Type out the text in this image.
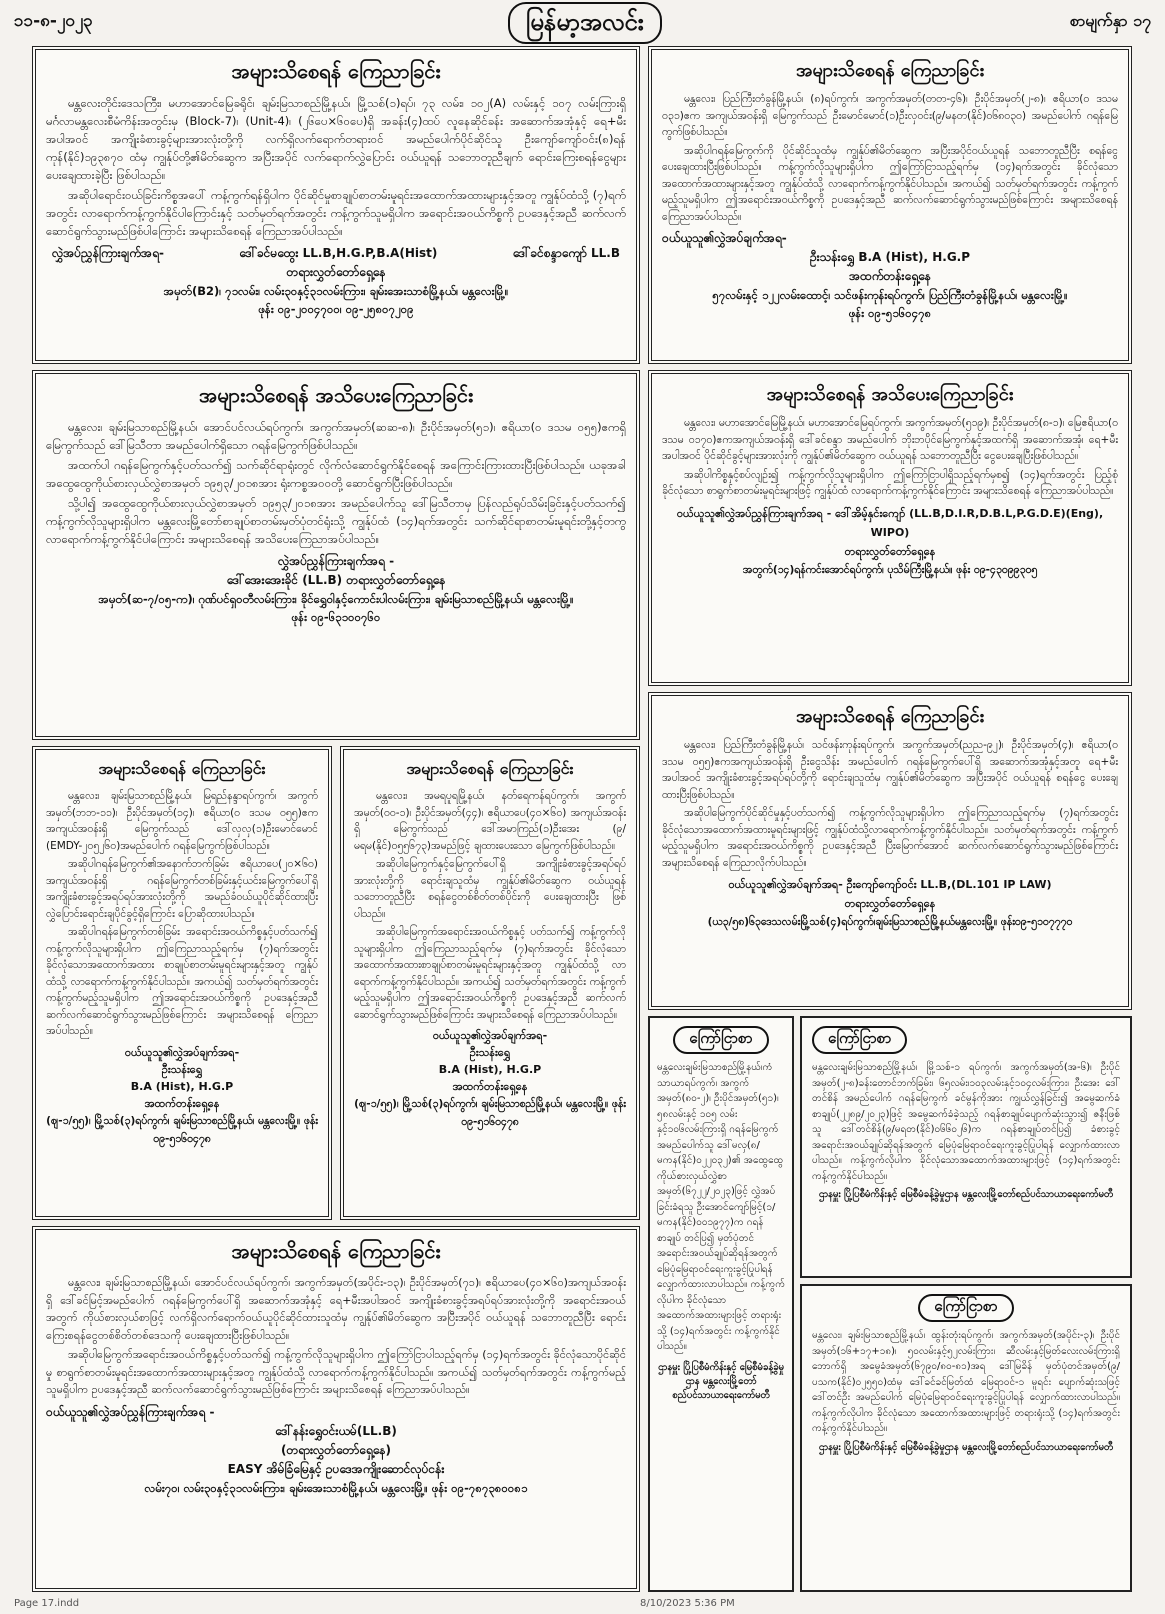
၁၁-၈-၂၀၂၃	မြန်မာ့အလင်း	စာမျက်နှာ ၁၇
အများသိစေရန် ကြေညာခြင်း

မန္တလေးတိုင်းဒေသကြီး၊ မဟာအောင်မြေခရိုင်၊ ချမ်းမြသာစည်မြို့နယ်၊ မြို့သစ်(၁)ရပ်၊ ၇၃ လမ်း၊ ၁၀၂(A) လမ်းနှင့် ၁၀၇ လမ်းကြားရှိ မင်္ဂလာမန္တလေးစီမံကိန်းအတွင်းမှ (Block-7)၊ (Unit-4)၊ (၂၆ပေ×၆၀ပေ)ရှိ အခန်း(၄)ထပ် လူနေဆိုင်ခန်း အဆောက်အအုံနှင့် ရေ+မီးအပါအဝင် အကျိုးခံစားခွင့်များအားလုံးတို့ကို လက်ရှိလက်ရောက်တရားဝင် အမည်ပေါက်ပိုင်ဆိုင်သူ ဦးကျော်ကျော်ဝင်း(၈)ရန်ကုန်(နိုင်)၁၉၃၈၇၀ ထံမှ ကျွန်ုပ်တို့၏မိတ်ဆွေက အပြီးအပိုင် လက်ရောက်လွှဲပြောင်း ဝယ်ယူရန် သဘောတူညီချက် ရောင်းကြေးစရန်ငွေများ ပေးချေထားခဲ့ပြီး ဖြစ်ပါသည်။

အဆိုပါရောင်းဝယ်ခြင်းကိစ္စအပေါ် ကန့်ကွက်ရန်ရှိပါက ပိုင်ဆိုင်မှုစာချုပ်စာတမ်းမူရင်းအထောက်အထားများနှင့်အတူ ကျွန်ုပ်ထံသို့ (၇)ရက်အတွင်း လာရောက်ကန့်ကွက်နိုင်ပါကြောင်းနှင့် သတ်မှတ်ရက်အတွင်း ကန့်ကွက်သူမရှိပါက အရောင်းအဝယ်ကိစ္စကို ဥပဒေနှင့်အညီ ဆက်လက်ဆောင်ရွက်သွားမည်ဖြစ်ပါကြောင်း အများသိစေရန် ကြေညာအပ်ပါသည်။

လွှဲအပ်ညွှန်ကြားချက်အရ-	ဒေါ်ခင်မထွေး LL.B,H.G.P,B.A(Hist)	ဒေါ်ခင်စန္ဒာကျော် LL.B
တရားလွှတ်တော်ရှေ့နေ
အမှတ်(B2)၊ ၇၁လမ်း၊ လမ်း၃၀နှင့်၃၁လမ်းကြား၊ ချမ်းအေးသာစံမြို့နယ်၊ မန္တလေးမြို့။
ဖုန်း ၀၉-၂၀၀၄၇၀၀၊ ၀၉-၂၅၈၀၇၂၀၉
အများသိစေရန် ကြေညာခြင်း

မန္တလေး၊ ပြည်ကြီးတံခွန်မြို့နယ်၊ (၈)ရပ်ကွက်၊ အကွက်အမှတ်(တတ-၄၆)၊ ဦးပိုင်အမှတ်(၂-၈)၊ ဧရိယာ(၀ ဒသမ ၀၃၁)ဧက အကျယ်အဝန်းရှိ မြေကွက်သည် ဦးမောင်မောင်(၁)ဦးလှဝင်း(၉/မနတ(နိုင်)၀၆၈၀၃၀) အမည်ပေါက် ဂရန်မြေကွက်ဖြစ်ပါသည်။

အဆိုပါဂရန်မြေကွက်ကို ပိုင်ဆိုင်သူထံမှ ကျွန်ုပ်၏မိတ်ဆွေက အပြီးအပိုင်ဝယ်ယူရန် သဘောတူညီပြီး စရန်ငွေ ပေးချေထားပြီးဖြစ်ပါသည်။ ကန့်ကွက်လိုသူများရှိပါက ဤကြော်ငြာသည့်ရက်မှ (၁၄)ရက်အတွင်း ခိုင်လုံသောအထောက်အထားများနှင့်အတူ ကျွန်ုပ်ထံသို့ လာရောက်ကန့်ကွက်နိုင်ပါသည်။ အကယ်၍ သတ်မှတ်ရက်အတွင်း ကန့်ကွက်မည့်သူမရှိပါက ဤအရောင်းအဝယ်ကိစ္စကို ဥပဒေနှင့်အညီ ဆက်လက်ဆောင်ရွက်သွားမည်ဖြစ်ကြောင်း အများသိစေရန် ကြေညာအပ်ပါသည်။

ဝယ်ယူသူ၏လွှဲအပ်ချက်အရ-
ဦးသန်းရွှေ B.A (Hist), H.G.P
အထက်တန်းရှေ့နေ
၅၇လမ်းနှင့် ၁၂၂လမ်းထောင့်၊ သင်ဖန်းကုန်းရပ်ကွက်၊ ပြည်ကြီးတံခွန်မြို့နယ်၊ မန္တလေးမြို့။
ဖုန်း ၀၉-၅၁၆၀၄၇၈
အများသိစေရန် အသိပေးကြေညာခြင်း

မန္တလေး၊ ချမ်းမြသာစည်မြို့နယ်၊ အောင်ပင်လယ်ရပ်ကွက်၊ အကွက်အမှတ်(ဆဆ-၈)၊ ဦးပိုင်အမှတ်(၅၁)၊ ဧရိယာ(၀ ဒသမ ၀၅၅)ဧကရှိ မြေကွက်သည် ဒေါ်မြသီတာ အမည်ပေါက်ရှိသော ဂရန်မြေကွက်ဖြစ်ပါသည်။

အထက်ပါ ဂရန်မြေကွက်နှင့်ပတ်သက်၍ သက်ဆိုင်ရာရုံးတွင် လိုက်လံဆောင်ရွက်နိုင်စေရန် အကြောင်းကြားထားပြီးဖြစ်ပါသည်။ ယခုအခါ အထွေထွေကိုယ်စားလှယ်လွှဲစာအမှတ် ၁၉၅၃/၂၀၁၈အား ရုံးကစ္စအဝဝတို့ ဆောင်ရွက်ပြီးဖြစ်ပါသည်။

သို့ပါ၍ အထွေထွေကိုယ်စားလှယ်လွှဲစာအမှတ် ၁၉၅၃/၂၀၁၈အား အမည်ပေါက်သူ ဒေါ်မြသီတာမှ ပြန်လည်ရုပ်သိမ်းခြင်းနှင့်ပတ်သက်၍ ကန့်ကွက်လိုသူများရှိပါက မန္တလေးမြို့တော်စာချုပ်စာတမ်းမှတ်ပုံတင်ရုံးသို့ ကျွန်ုပ်ထံ (၁၄)ရက်အတွင်း သက်ဆိုင်ရာစာတမ်းမူရင်းတို့နှင့်တကွ လာရောက်ကန့်ကွက်နိုင်ပါကြောင်း အများသိစေရန် အသိပေးကြေညာအပ်ပါသည်။

လွှဲအပ်ညွှန်ကြားချက်အရ -
ဒေါ်အေးအေးခိုင် (LL.B) တရားလွှတ်တော်ရှေ့နေ
အမှတ်(ဆ-၇/၀၅-က)၊ ဂုဏ်ပင်ရှဝတီလမ်းကြား၊ ခိုင်ရွှေဝါနှင့်ကောင်းပါလမ်းကြား၊ ချမ်းမြသာစည်မြို့နယ်၊ မန္တလေးမြို့။
ဖုန်း ၀၉-၆၃၁၀၀၇၆၀
အများသိစေရန် အသိပေးကြေညာခြင်း

မန္တလေး၊ မဟာအောင်မြေမြို့နယ်၊ မဟာအောင်မြေရပ်ကွက်၊ အကွက်အမှတ်(၅၁၉)၊ ဦးပိုင်အမှတ်(၈-၁)၊ မြေဧရိယာ(၀ ဒသမ ၀၁၇၀)ဧကအကျယ်အဝန်းရှိ ဒေါ်ခင်စန္ဒာ အမည်ပေါက် ဘိုးဘပိုင်မြေကွက်နှင့်အထက်ရှိ အဆောက်အအုံ၊ ရေ+မီး အပါအဝင် ပိုင်ဆိုင်ခွင့်များအားလုံးကို ကျွန်ုပ်၏မိတ်ဆွေက ဝယ်ယူရန် သဘောတူညီပြီး ငွေပေးချေပြီးဖြစ်ပါသည်။

အဆိုပါကိစ္စနှင့်စပ်လျဉ်း၍ ကန့်ကွက်လိုသူများရှိပါက ဤကြော်ငြာပါရှိသည့်ရက်မှစ၍ (၁၄)ရက်အတွင်း ပြည့်စုံခိုင်လုံသော စာရွက်စာတမ်းမူရင်းများဖြင့် ကျွန်ုပ်ထံ လာရောက်ကန့်ကွက်နိုင်ကြောင်း အများသိစေရန် ကြေညာအပ်ပါသည်။

ဝယ်ယူသူ၏လွှဲအပ်ညွှန်ကြားချက်အရ - ဒေါ်အိမ့်နှင်းကျော် (LL.B,D.I.R,D.B.L,P.G.D.E)(Eng), WIPO)
တရားလွှတ်တော်ရှေ့နေ
အတွက်(၁၄)ရန်ကင်းအောင်ရပ်ကွက်၊ ပုသိမ်ကြီးမြို့နယ်။ ဖုန်း ၀၉-၄၃၀၉၉၃၀၅
အများသိစေရန် ကြေညာခြင်း

မန္တလေး၊ ပြည်ကြီးတံခွန်မြို့နယ်၊ သင်ဖန်းကုန်းရပ်ကွက်၊ အကွက်အမှတ်(ညည-၉၂)၊ ဦးပိုင်အမှတ်(၄)၊ ဧရိယာ(၀ ဒသမ ၀၅၅)ဧကအကျယ်အဝန်းရှိ ဦးငွေသိန်း အမည်ပေါက် ဂရန်မြေကွက်ပေါ်ရှိ အဆောက်အအုံနှင့်အတူ ရေ+မီးအပါအဝင် အကျိုးခံစားခွင့်အရပ်ရပ်တို့ကို ရောင်းချသူထံမှ ကျွန်ုပ်၏မိတ်ဆွေက အပြီးအပိုင် ဝယ်ယူရန် စရန်ငွေ ပေးချေထားပြီးဖြစ်ပါသည်။

အဆိုပါမြေကွက်ပိုင်ဆိုင်မှုနှင့်ပတ်သက်၍ ကန့်ကွက်လိုသူများရှိပါက ဤကြေညာသည့်ရက်မှ (၇)ရက်အတွင်း ခိုင်လုံသောအထောက်အထားမူရင်းများဖြင့် ကျွန်ုပ်ထံသို့လာရောက်ကန့်ကွက်နိုင်ပါသည်။ သတ်မှတ်ရက်အတွင်း ကန့်ကွက်မည့်သူမရှိပါက အရောင်းအဝယ်ကိစ္စကို ဥပဒေနှင့်အညီ ပြီးမြောက်အောင် ဆက်လက်ဆောင်ရွက်သွားမည်ဖြစ်ကြောင်း အများသိစေရန် ကြေညာလိုက်ပါသည်။

ဝယ်ယူသူ၏လွှဲအပ်ချက်အရ- ဦးကျော်ကျော်ဝင်း LL.B,(DL.101 IP LAW)
တရားလွှတ်တော်ရှေ့နေ
(ယ၃/၅၈)၆၃ဒေသလမ်းမြို့သစ်(၄)ရပ်ကွက်၊ချမ်းမြသာစည်မြို့နယ်မန္တလေးမြို့။ ဖုန်း၀၉-၅၁၀၇၇၇၀
အများသိစေရန် ကြေညာခြင်း

မန္တလေး၊ ချမ်းမြသာစည်မြို့နယ်၊ မြရည်နန္ဒာရပ်ကွက်၊ အကွက်အမှတ်(ဘဘ-၁၁)၊ ဦးပိုင်အမှတ်(၁၄)၊ ဧရိယာ(၀ ဒသမ ၀၅၅)ဧက အကျယ်အဝန်းရှိ မြေကွက်သည် ဒေါ်လှလှ(၁)ဦးမောင်မောင် (EMDY-၂၀၅၂၆၀)အမည်ပေါက် ဂရန်မြေကွက်ဖြစ်ပါသည်။

အဆိုပါဂရန်မြေကွက်၏အနောက်ဘက်ခြမ်း ဧရိယာပေ(၂၀×၆၀) အကျယ်အဝန်းရှိ ဂရန်မြေကွက်တစ်ခြမ်းနှင့်ယင်းမြေကွက်ပေါ်ရှိ အကျိုးခံစားခွင့်အရပ်ရပ်အားလုံးတို့ကို အမည်ခံဝယ်ယူပိုင်ဆိုင်ထားပြီး လွှဲပြောင်းရောင်းချပိုင်ခွင့်ရှိကြောင်း ပြောဆိုထားပါသည်။

အဆိုပါဂရန်မြေကွက်တစ်ခြမ်း အရောင်းအဝယ်ကိစ္စနှင့်ပတ်သက်၍ ကန့်ကွက်လိုသူများရှိပါက ဤကြေညာသည့်ရက်မှ (၇)ရက်အတွင်း ခိုင်လုံသောအထောက်အထား စာချုပ်စာတမ်းမူရင်းများနှင့်အတူ ကျွန်ုပ်ထံသို့ လာရောက်ကန့်ကွက်နိုင်ပါသည်။ အကယ်၍ သတ်မှတ်ရက်အတွင်း ကန့်ကွက်မည့်သူမရှိပါက ဤအရောင်းအဝယ်ကိစ္စကို ဥပဒေနှင့်အညီ ဆက်လက်ဆောင်ရွက်သွားမည်ဖြစ်ကြောင်း အများသိစေရန် ကြေညာအပ်ပါသည်။

ဝယ်ယူသူ၏လွှဲအပ်ချက်အရ-
ဦးသန်းရွှေ
B.A (Hist), H.G.P
အထက်တန်းရှေ့နေ
(ဈ-၁/၅၅)၊ မြို့သစ်(၃)ရပ်ကွက်၊ ချမ်းမြသာစည်မြို့နယ်၊ မန္တလေးမြို့။ ဖုန်း ၀၉-၅၁၆၀၄၇၈
အများသိစေရန် ကြေညာခြင်း

မန္တလေး၊ အမရပူရမြို့နယ်၊ နတ်ရေကန်ရပ်ကွက်၊ အကွက်အမှတ်(၀၀-၁)၊ ဦးပိုင်အမှတ်(၄၄)၊ ဧရိယာပေ(၄၀×၆၀) အကျယ်အဝန်းရှိ မြေကွက်သည် ဒေါ်အမာကြည်(၁)ဦးအေး (၉/မရမ(နိုင်)၀၅၅၆၇၃)အမည်ဖြင့် ချထားပေးသော မြေကွက်ဖြစ်ပါသည်။

အဆိုပါမြေကွက်နှင့်မြေကွက်ပေါ်ရှိ အကျိုးခံစားခွင့်အရပ်ရပ်အားလုံးတို့ကို ရောင်းချသူထံမှ ကျွန်ုပ်၏မိတ်ဆွေက ဝယ်ယူရန် သဘောတူညီပြီး စရန်ငွေတစ်စိတ်တစ်ပိုင်းကို ပေးချေထားပြီး ဖြစ်ပါသည်။

အဆိုပါမြေကွက်အရောင်းအဝယ်ကိစ္စနှင့် ပတ်သက်၍ ကန့်ကွက်လိုသူများရှိပါက ဤကြေညာသည့်ရက်မှ (၇)ရက်အတွင်း ခိုင်လုံသော အထောက်အထားစာချုပ်စာတမ်းမူရင်းများနှင့်အတူ ကျွန်ုပ်ထံသို့ လာရောက်ကန့်ကွက်နိုင်ပါသည်။ အကယ်၍ သတ်မှတ်ရက်အတွင်း ကန့်ကွက်မည့်သူမရှိပါက ဤအရောင်းအဝယ်ကိစ္စကို ဥပဒေနှင့်အညီ ဆက်လက်ဆောင်ရွက်သွားမည်ဖြစ်ကြောင်း အများသိစေရန် ကြေညာအပ်ပါသည်။

ဝယ်ယူသူ၏လွှဲအပ်ချက်အရ-
ဦးသန်းရွှေ
B.A (Hist), H.G.P
အထက်တန်းရှေ့နေ
(ဈ-၁/၅၅)၊ မြို့သစ်(၃)ရပ်ကွက်၊ ချမ်းမြသာစည်မြို့နယ်၊ မန္တလေးမြို့။ ဖုန်း ၀၉-၅၁၆၀၄၇၈
အများသိစေရန် ကြေညာခြင်း

မန္တလေး၊ ချမ်းမြသာစည်မြို့နယ်၊ အောင်ပင်လယ်ရပ်ကွက်၊ အကွက်အမှတ်(အပိုင်း-၁၃)၊ ဦးပိုင်အမှတ်(၇၁)၊ ဧရိယာပေ(၄၀×၆၀)အကျယ်အဝန်းရှိ ဒေါ်ခင်မြင့်အမည်ပေါက် ဂရန်မြေကွက်ပေါ်ရှိ အဆောက်အအုံနှင့် ရေ+မီးအပါအဝင် အကျိုးခံစားခွင့်အရပ်ရပ်အားလုံးတို့ကို အရောင်းအဝယ်အတွက် ကိုယ်စားလှယ်စာဖြင့် လက်ရှိလက်ရောက်ဝယ်ယူပိုင်ဆိုင်ထားသူထံမှ ကျွန်ုပ်၏မိတ်ဆွေက အပြီးအပိုင် ဝယ်ယူရန် သဘောတူညီပြီး ရောင်းကြေးစရန်ငွေတစ်စိတ်တစ်ဒေသကို ပေးချေထားပြီးဖြစ်ပါသည်။

အဆိုပါမြေကွက်အရောင်းအဝယ်ကိစ္စနှင့်ပတ်သက်၍ ကန့်ကွက်လိုသူများရှိပါက ဤကြော်ငြာပါသည့်ရက်မှ (၁၄)ရက်အတွင်း ခိုင်လုံသောပိုင်ဆိုင်မှု စာရွက်စာတမ်းမူရင်းအထောက်အထားများနှင့်အတူ ကျွန်ုပ်ထံသို့ လာရောက်ကန့်ကွက်နိုင်ပါသည်။ အကယ်၍ သတ်မှတ်ရက်အတွင်း ကန့်ကွက်မည့်သူမရှိပါက ဥပဒေနှင့်အညီ ဆက်လက်ဆောင်ရွက်သွားမည်ဖြစ်ကြောင်း အများသိစေရန် ကြေညာအပ်ပါသည်။

ဝယ်ယူသူ၏လွှဲအပ်ညွှန်ကြားချက်အရ -
ဒေါ်နန်းရွှေဝင်းယမ်(LL.B)
(တရားလွှတ်တော်ရှေ့နေ)
EASY အိမ်ခြံမြေနှင့် ဥပဒေအကျိုးဆောင်လုပ်ငန်း
လမ်း၇၀၊ လမ်း၃၀နှင့်၃၁လမ်းကြား၊ ချမ်းအေးသာစံမြို့နယ်၊ မန္တလေးမြို့။ ဖုန်း ၀၉-၇၈၇၃၈၀၀၈၁
ကြော်ငြာစာ
မန္တလေးချမ်းမြသာစည်မြို့နယ်၊ကံသာယာရပ်ကွက်၊ အကွက်အမှတ်(၈၀-၂)၊ ဦးပိုင်အမှတ်(၅၁)၊ ၅၈လမ်းနှင့် ၁၀၅ လမ်းနှင့်၁၀၆လမ်းကြားရှိ ဂရန်မြေကွက်အမည်ပေါက်သူ ဒေါ်မလှ(၈/မကန(နိုင်)၀၂၂၀၃၂)၏ အထွေထွေကိုယ်စားလှယ်လွှဲစာအမှတ်(၆၇၂၂/၂၀၂၃)ဖြင့် လွှဲအပ်ခြင်းခံရသူ ဦးအောင်ကျော်မြင့်(၁/မကန(နိုင်)၀၀၁၉၇၇)က ဂရန်စာချုပ် တင်ပြ၍ မှတ်ပုံတင်အရောင်းအဝယ်ချုပ်ဆိုရန်အတွက် မြေပုံမြေရာဝင်ရေးကူးခွင့်ပြုပါရန် လျှောက်ထားလာပါသည်။ ကန့်ကွက်လိုပါက ခိုင်လုံသောအထောက်အထားများဖြင့် တရားရုံးသို့ (၁၄)ရက်အတွင်း ကန့်ကွက်နိုင်ပါသည်။
ဌာနမှူး ပြို့ပြစီမံကိန်းနှင့် မြေစီမံခန့်ခွဲမှုဌာန မန္တလေးမြို့တော်စည်ပင်သာယာရေးကော်မတီ
ကြော်ငြာစာ
မန္တလေးချမ်းမြသာစည်မြို့နယ်၊ မြို့သစ်-၁ ရပ်ကွက်၊ အကွက်အမှတ်(အ-၆)၊ ဦးပိုင်အမှတ်(၂-၈)ခန်းတောင်ဘက်ခြမ်း၊ ၆၅လမ်း၊၁၀၃လမ်းနှင့်၁၀၄လမ်းကြား၊ ဦးအေး ဒေါ်တင်စိန် အမည်ပေါက် ဂရန်မြေကွက် ခင်မွန်ကိုအား ကျွယ်လွှန်ခြင်း၍ အမွေဆက်ခံစာချုပ်(၂၂၈၉/၂၀၂၃)ဖြင့် အမွေဆက်ခံခဲ့သည့် ဂရန်စာချုပ်ပျောက်ဆုံးသွား၍ ဇနီးဖြစ်သူ ဒေါ်တင်စိန်(၉/မရတ(နိုင်)၀၆၆၀၂၆)က ဂရန်စာချုပ်တင်ပြ၍ ခံစားခွင့်အရောင်းအဝယ်ချုပ်ဆိုရန်အတွက် မြေပုံမြေရာဝင်ရေးကူးခွင့်ပြုပါရန် လျှောက်ထားလာပါသည်။ ကန့်ကွက်လိုပါက ခိုင်လုံသောအထောက်အထားများဖြင့် (၁၄)ရက်အတွင်း ကန့်ကွက်နိုင်ပါသည်။
ဌာနမှူး ပြို့ပြစီမံကိန်းနှင့် မြေစီမံခန့်ခွဲမှုဌာန မန္တလေးမြို့တော်စည်ပင်သာယာရေးကော်မတီ
ကြော်ငြာစာ
မန္တလေး၊ ချမ်းမြသာစည်မြို့နယ်၊ ထွန်းတုံးရပ်ကွက်၊ အကွက်အမှတ်(အပိုင်း-၃)၊ ဦးပိုင်အမှတ်(၁၆+၁၇+၁၈)၊ ၅၀လမ်းနှင့်၅၂လမ်းကြား၊ ဆီလမ်းနှင့်မြတ်လေးလမ်းကြားရှိ ဘောက်ရှိ အမွေခံအမှတ်(၆၇၉၀/၈၀-၈၁)အရ ဒေါ်မြခိန် မှတ်ပုံတင်အမှတ်(၉/ပသက(နိုင်)၀၂၅၅၀)ထံမှ ဒေါ်ခင်ခင်မြတ်ထံ မြေရာဝင်-၁ မူရင်း ပျောက်ဆုံးသဖြင့် ဒေါ်တင်ဦး အမည်ပေါက် မြေပုံမြေရာဝင်ရေးကူးခွင့်ပြုပါရန် လျှောက်ထားလာပါသည်။ ကန့်ကွက်လိုပါက ခိုင်လုံသော အထောက်အထားများဖြင့် တရားရုံးသို့ (၁၄)ရက်အတွင်း ကန့်ကွက်နိုင်ပါသည်။
ဌာနမှူး ပြို့ပြစီမံကိန်းနှင့် မြေစီမံခန့်ခွဲမှုဌာန မန္တလေးမြို့တော်စည်ပင်သာယာရေးကော်မတီ
Page 17.indd	8/10/2023 5:36 PM
